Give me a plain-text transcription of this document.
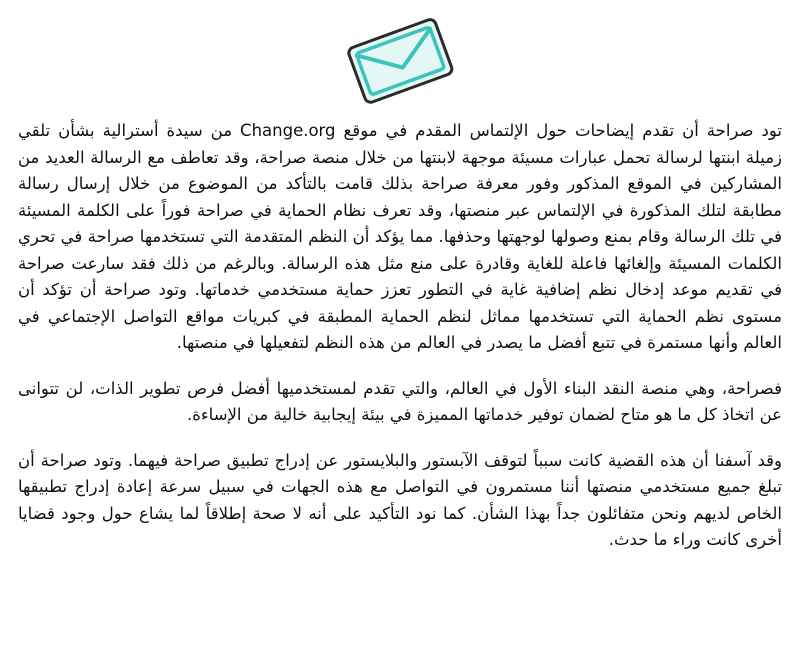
تود صراحة أن تقدم إيضاحات حول الإلتماس المقدم في موقع Change.org من سيدة أسترالية بشأن تلقي زميلة ابنتها لرسالة تحمل عبارات مسيئة موجهة لابنتها من خلال منصة صراحة، وقد تعاطف مع الرسالة العديد من المشاركين في الموقع المذكور وفور معرفة صراحة بذلك قامت بالتأكد من الموضوع من خلال إرسال رسالة مطابقة لتلك المذكورة في الإلتماس عبر منصتها، وقد تعرف نظام الحماية في صراحة فوراً على الكلمة المسيئة في تلك الرسالة وقام بمنع وصولها لوجهتها وحذفها. مما يؤكد أن النظم المتقدمة التي تستخدمها صراحة في تحري الكلمات المسيئة وإلغائها فاعلة للغاية وقادرة على منع مثل هذه الرسالة. وبالرغم من ذلك فقد سارعت صراحة في تقديم موعد إدخال نظم إضافية غاية في التطور تعزز حماية مستخدمي خدماتها. وتود صراحة أن تؤكد أن مستوى نظم الحماية التي تستخدمها مماثل لنظم الحماية المطبقة في كبريات مواقع التواصل الإجتماعي في العالم وأنها مستمرة في تتبع أفضل ما يصدر في العالم من هذه النظم لتفعيلها في منصتها.

فصراحة، وهي منصة النقد البناء الأول في العالم، والتي تقدم لمستخدميها أفضل فرص تطوير الذات، لن تتوانى عن اتخاذ كل ما هو متاح لضمان توفير خدماتها المميزة في بيئة إيجابية خالية من الإساءة.

وقد آسفنا أن هذه القضية كانت سبباً لتوقف الآبستور والبلايستور عن إدراج تطبيق صراحة فيهما. وتود صراحة أن تبلغ جميع مستخدمي منصتها أننا مستمرون في التواصل مع هذه الجهات في سبيل سرعة إعادة إدراج تطبيقها الخاص لديهم ونحن متفائلون جداً بهذا الشأن. كما نود التأكيد على أنه لا صحة إطلاقاً لما يشاع حول وجود قضايا أخرى كانت وراء ما حدث.
